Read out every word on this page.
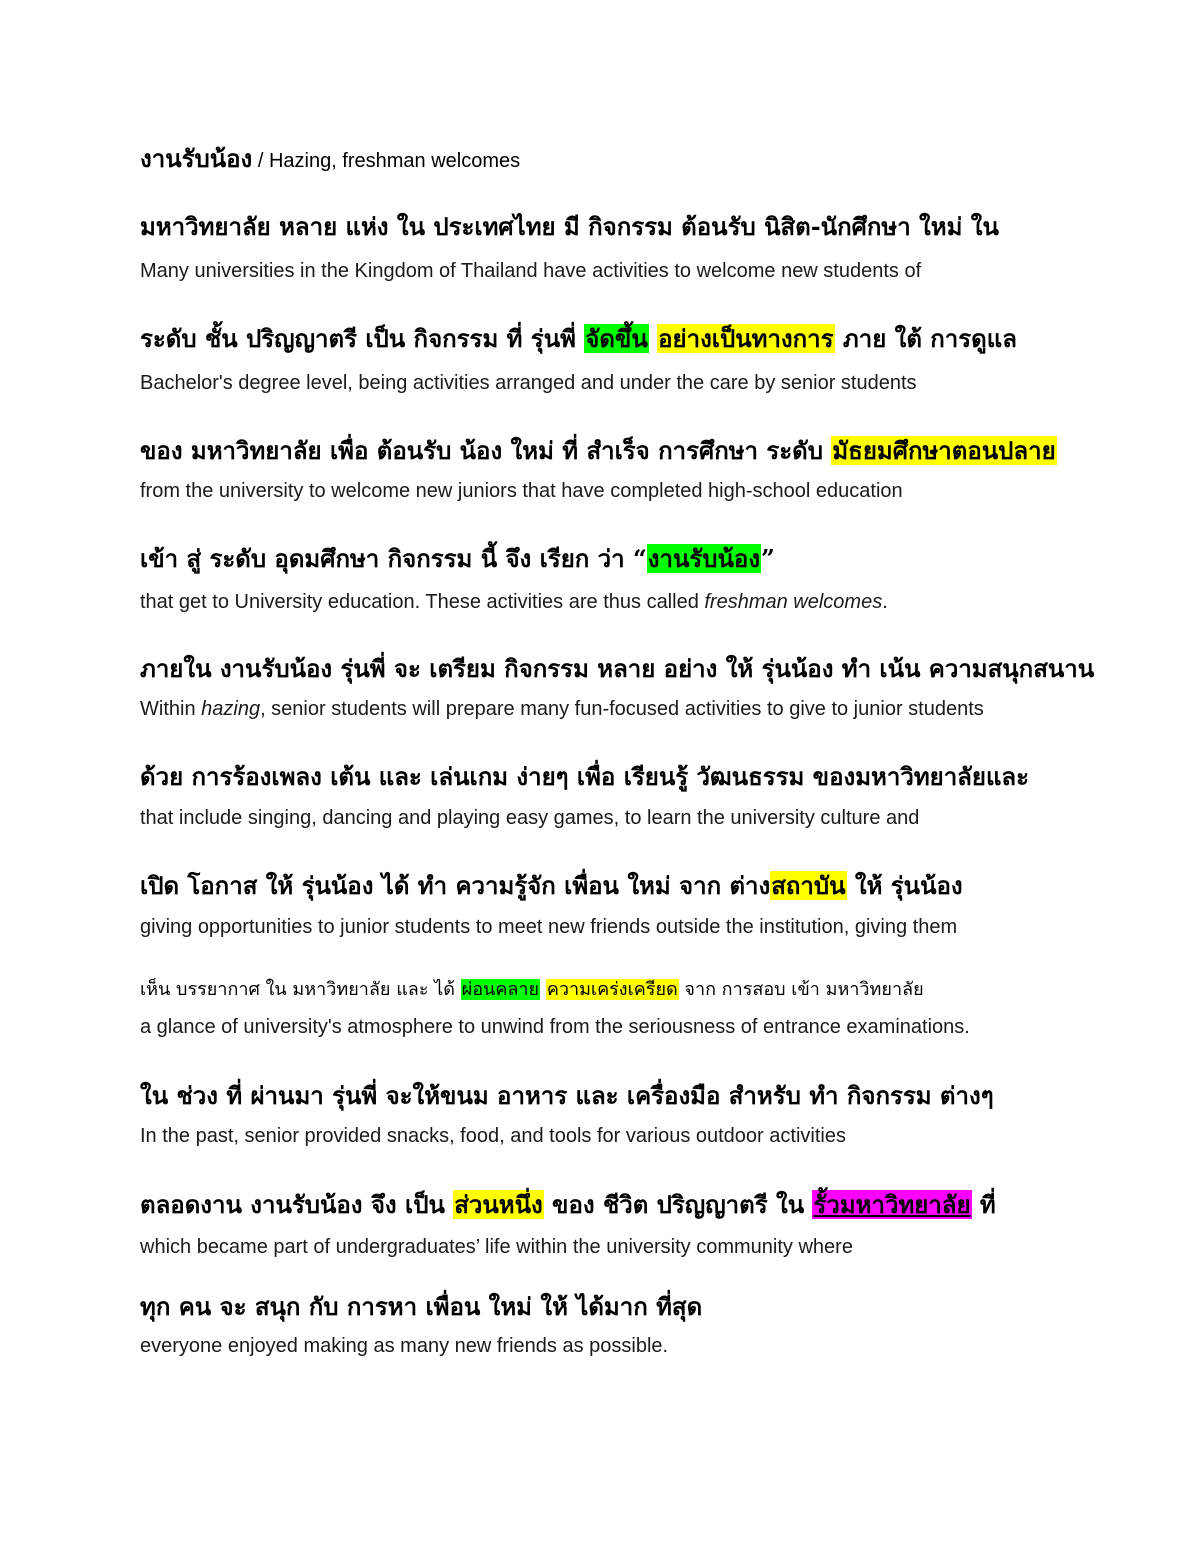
งานรับน้อง / Hazing, freshman welcomes

มหาวิทยาลัย หลาย แห่ง ใน ประเทศไทย มี กิจกรรม ต้อนรับ นิสิต-นักศึกษา ใหม่ ใน

Many universities in the Kingdom of Thailand have activities to welcome new students of

ระดับ ชั้น ปริญญาตรี เป็น กิจกรรม ที่ รุ่นพี่ จัดขึ้น อย่างเป็นทางการ ภาย ใต้ การดูแล

Bachelor's degree level, being activities arranged and under the care by senior students

ของ มหาวิทยาลัย เพื่อ ต้อนรับ น้อง ใหม่ ที่ สำเร็จ การศึกษา ระดับ มัธยมศึกษาตอนปลาย

from the university to welcome new juniors that have completed high-school education

เข้า สู่ ระดับ อุดมศึกษา กิจกรรม นี้ จึง เรียก ว่า “งานรับน้อง”

that get to University education. These activities are thus called freshman welcomes.

ภายใน งานรับน้อง รุ่นพี่ จะ เตรียม กิจกรรม หลาย อย่าง ให้ รุ่นน้อง ทำ เน้น ความสนุกสนาน

Within hazing, senior students will prepare many fun-focused activities to give to junior students

ด้วย การร้องเพลง เต้น และ เล่นเกม ง่ายๆ เพื่อ เรียนรู้ วัฒนธรรม ของมหาวิทยาลัยและ

that include singing, dancing and playing easy games, to learn the university culture and

เปิด โอกาส ให้ รุ่นน้อง ได้ ทำ ความรู้จัก เพื่อน ใหม่ จาก ต่างสถาบัน ให้ รุ่นน้อง

giving opportunities to junior students to meet new friends outside the institution, giving them

เห็น บรรยากาศ ใน มหาวิทยาลัย และ ได้ ผ่อนคลาย ความเคร่งเครียด จาก การสอบ เข้า มหาวิทยาลัย

a glance of university's atmosphere to unwind from the seriousness of entrance examinations.

ใน ช่วง ที่ ผ่านมา รุ่นพี่ จะให้ขนม อาหาร และ เครื่องมือ สำหรับ ทำ กิจกรรม ต่างๆ

In the past, senior provided snacks, food, and tools for various outdoor activities

ตลอดงาน งานรับน้อง จึง เป็น ส่วนหนึ่ง ของ ชีวิต ปริญญาตรี ใน รั้วมหาวิทยาลัย ที่

which became part of undergraduates’ life within the university community where

ทุก คน จะ สนุก กับ การหา เพื่อน ใหม่ ให้ ได้มาก ที่สุด

everyone enjoyed making as many new friends as possible.
